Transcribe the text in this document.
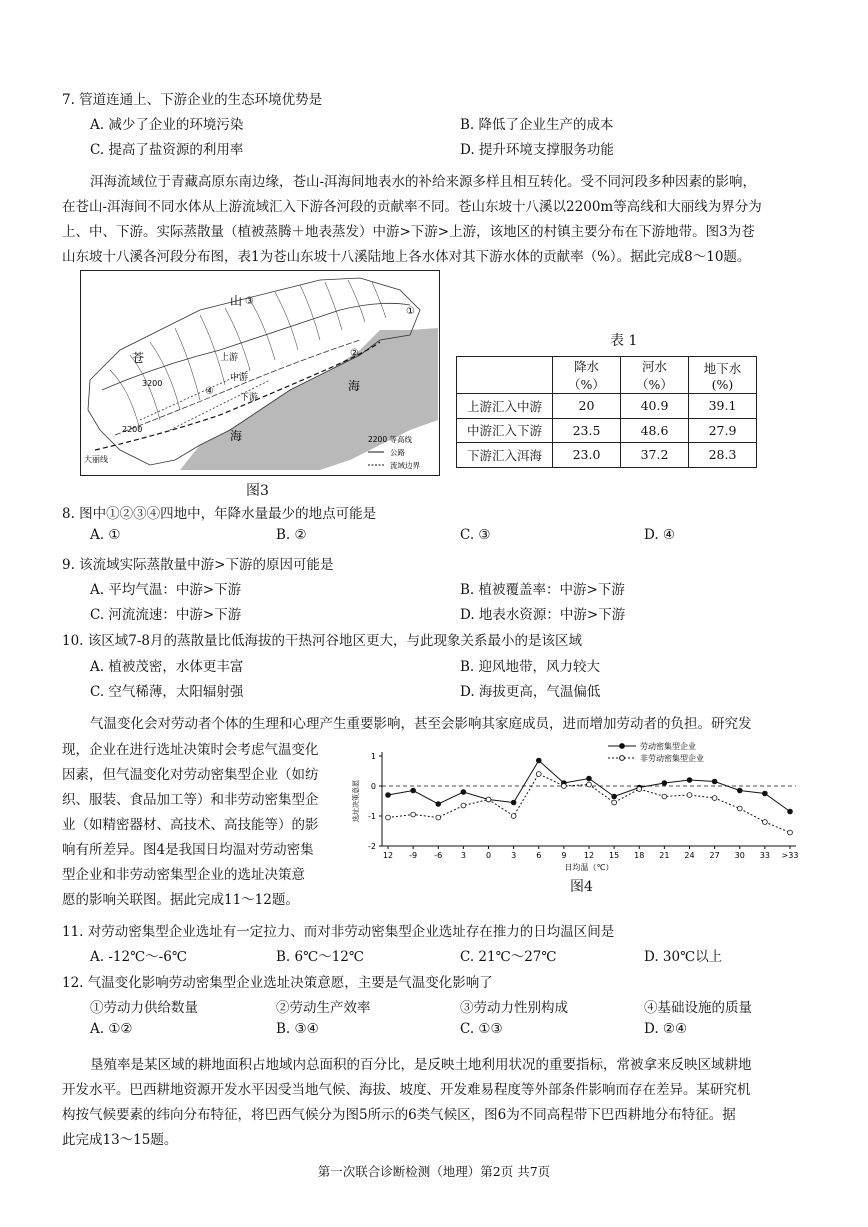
7. 管道连通上、下游企业的生态环境优势是
A. 减少了企业的环境污染	B. 降低了企业生产的成本
C. 提高了盐资源的利用率	D. 提升环境支撑服务功能
洱海流域位于青藏高原东南边缘，苍山-洱海间地表水的补给来源多样且相互转化。受不同河段多种因素的影响，
在苍山-洱海间不同水体从上游流域汇入下游各河段的贡献率不同。苍山东坡十八溪以2200m等高线和大丽线为界分为
上、中、下游。实际蒸散量（植被蒸腾＋地表蒸发）中游>下游>上游，该地区的村镇主要分布在下游地带。图3为苍
山东坡十八溪各河段分布图，表1为苍山东坡十八溪陆地上各水体对其下游水体的贡献率（%）。据此完成8～10题。
山
苍
海
海
上游
中游
下游
3200
2200
大丽线
①
②
③
④
2200 等高线
公路
流域边界
图3
表 1
	降水（%）	河水（%）	地下水(%)
上游汇入中游	20	40.9	39.1
中游汇入下游	23.5	48.6	27.9
下游汇入洱海	23.0	37.2	28.3
8. 图中①②③④四地中，年降水量最少的地点可能是
A. ①	B. ②	C. ③	D. ④
9. 该流域实际蒸散量中游>下游的原因可能是
A. 平均气温：中游>下游	B. 植被覆盖率：中游>下游
C. 河流流速：中游>下游	D. 地表水资源：中游>下游
10. 该区域7-8月的蒸散量比低海拔的干热河谷地区更大，与此现象关系最小的是该区域
A. 植被茂密，水体更丰富	B. 迎风地带，风力较大
C. 空气稀薄，太阳辐射强	D. 海拔更高，气温偏低
气温变化会对劳动者个体的生理和心理产生重要影响，甚至会影响其家庭成员，进而增加劳动者的负担。研究发
现，企业在进行选址决策时会考虑气温变化
因素，但气温变化对劳动密集型企业（如纺
织、服装、食品加工等）和非劳动密集型企
业（如精密器材、高技术、高技能等）的影
响有所差异。图4是我国日均温对劳动密集
型企业和非劳动密集型企业的选址决策意
愿的影响关联图。据此完成11～12题。
1
0
-1
-2
选址决策意愿
12 -9 -6 3	0	3	6	9 12 15 18 21 24 27 30 33 >33
日均温（℃）
劳动密集型企业
非劳动密集型企业
图4
11. 对劳动密集型企业选址有一定拉力、而对非劳动密集型企业选址存在推力的日均温区间是
A. -12℃～-6℃	B. 6℃～12℃	C. 21℃～27℃	D. 30℃以上
12. 气温变化影响劳动密集型企业选址决策意愿，主要是气温变化影响了
①劳动力供给数量	②劳动生产效率	③劳动力性别构成	④基础设施的质量
A. ①②	B. ③④	C. ①③	D. ②④
垦殖率是某区域的耕地面积占地域内总面积的百分比，是反映土地利用状况的重要指标，常被拿来反映区域耕地
开发水平。巴西耕地资源开发水平因受当地气候、海拔、坡度、开发难易程度等外部条件影响而存在差异。某研究机
构按气候要素的纬向分布特征，将巴西气候分为图5所示的6类气候区，图6为不同高程带下巴西耕地分布特征。据
此完成13～15题。
第一次联合诊断检测（地理）第2页 共7页
